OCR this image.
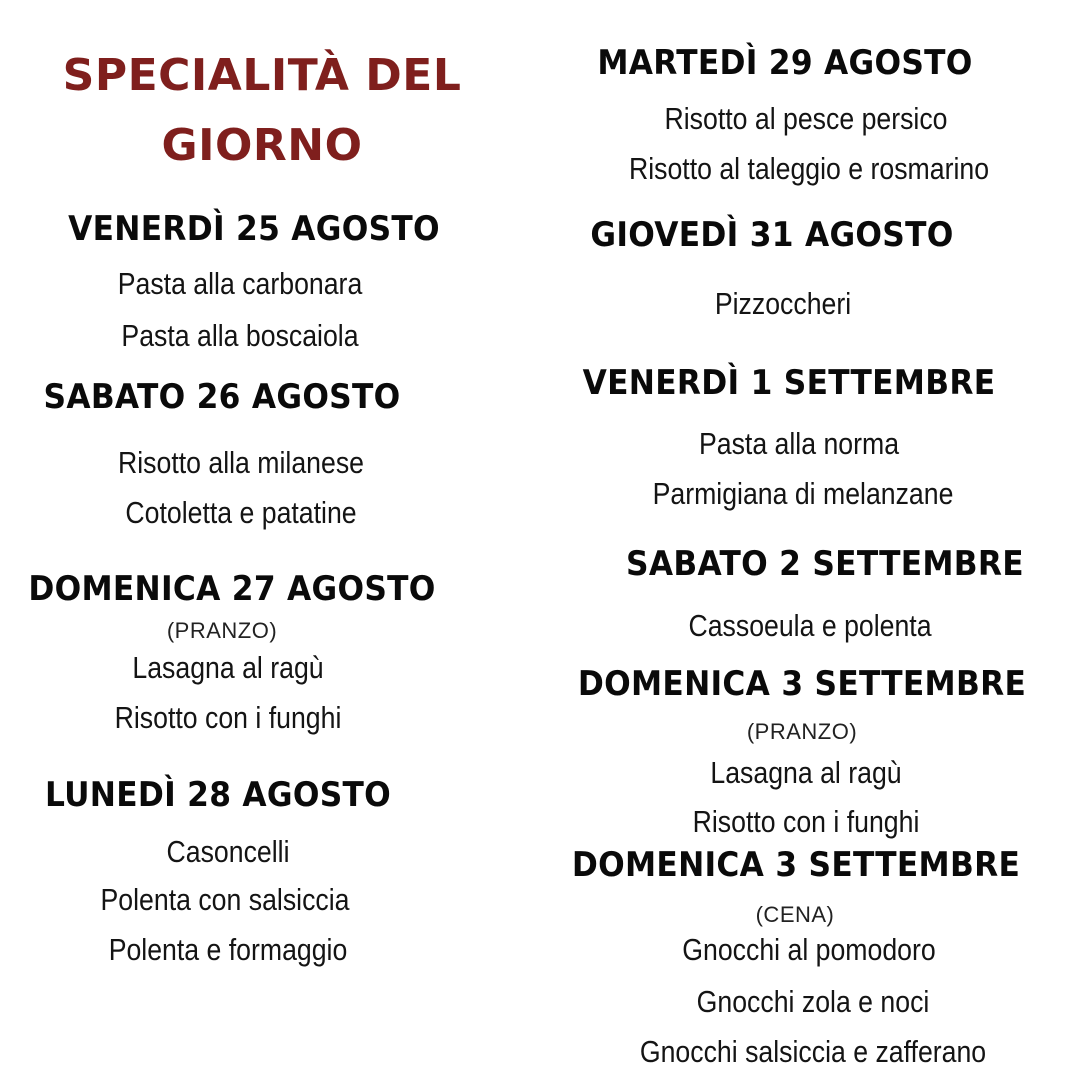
SPECIALITÀ DEL
GIORNO
VENERDÌ 25 AGOSTO
Pasta alla carbonara
Pasta alla boscaiola
SABATO 26 AGOSTO
Risotto alla milanese
Cotoletta e patatine
DOMENICA 27 AGOSTO
(PRANZO)
Lasagna al ragù
Risotto con i funghi
LUNEDÌ 28 AGOSTO
Casoncelli
Polenta con salsiccia
Polenta e formaggio
MARTEDÌ 29 AGOSTO
Risotto al pesce persico
Risotto al taleggio e rosmarino
GIOVEDÌ 31 AGOSTO
Pizzoccheri
VENERDÌ 1 SETTEMBRE
Pasta alla norma
Parmigiana di melanzane
SABATO 2 SETTEMBRE
Cassoeula e polenta
DOMENICA 3 SETTEMBRE
(PRANZO)
Lasagna al ragù
Risotto con i funghi
DOMENICA 3 SETTEMBRE
(CENA)
Gnocchi al pomodoro
Gnocchi zola e noci
Gnocchi salsiccia e zafferano
